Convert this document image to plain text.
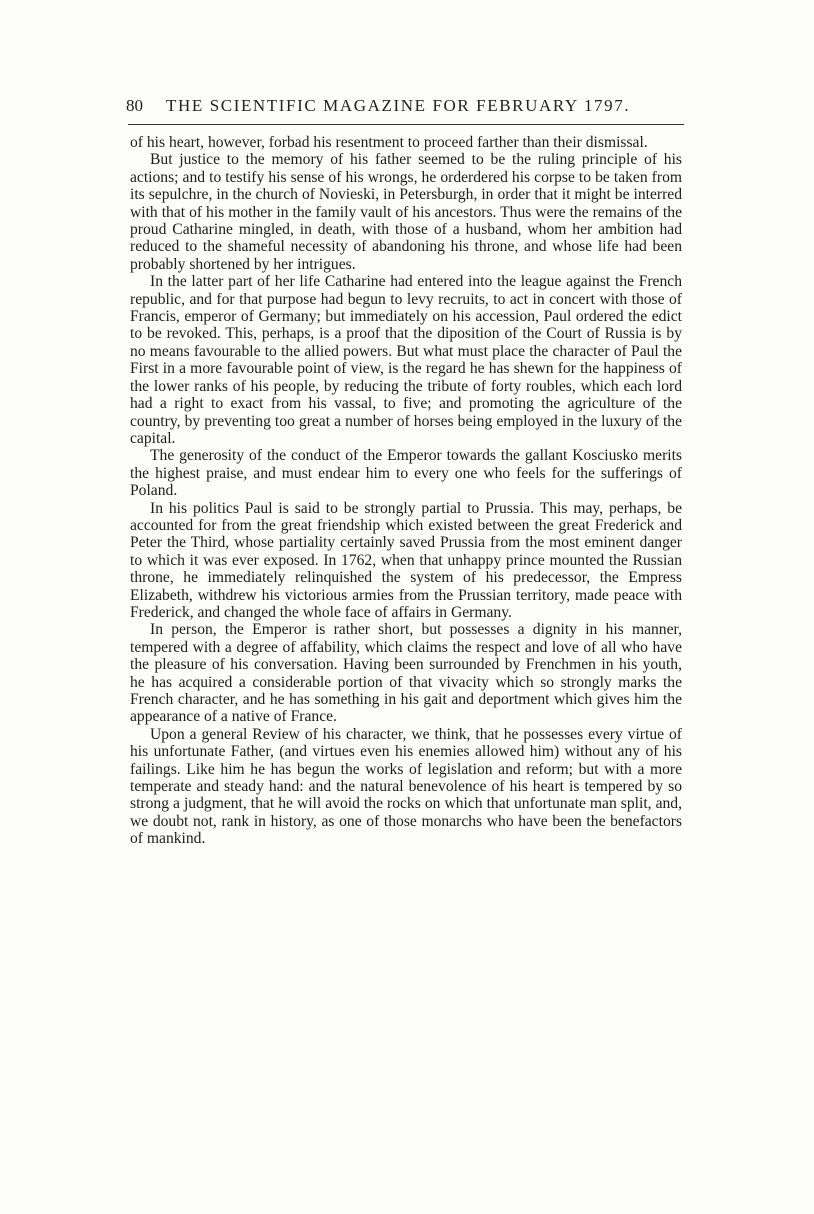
80	THE SCIENTIFIC MAGAZINE FOR FEBRUARY 1797.

of his heart, however, forbad his resentment to proceed farther than their dismissal.

But justice to the memory of his father seemed to be the ruling principle of his actions; and to testify his sense of his wrongs, he orderdered his corpse to be taken from its sepulchre, in the church of Novieski, in Petersburgh, in order that it might be interred with that of his mother in the family vault of his ancestors. Thus were the remains of the proud Catharine mingled, in death, with those of a husband, whom her ambition had reduced to the shameful necessity of abandoning his throne, and whose life had been probably shortened by her intrigues.

In the latter part of her life Catharine had entered into the league against the French republic, and for that purpose had begun to levy recruits, to act in concert with those of Francis, emperor of Germany; but immediately on his accession, Paul ordered the edict to be revoked. This, perhaps, is a proof that the diposition of the Court of Russia is by no means favourable to the allied powers. But what must place the character of Paul the First in a more favourable point of view, is the regard he has shewn for the happiness of the lower ranks of his people, by reducing the tribute of forty roubles, which each lord had a right to exact from his vassal, to five; and promoting the agriculture of the country, by preventing too great a number of horses being employed in the luxury of the capital.

The generosity of the conduct of the Emperor towards the gallant Kosciusko merits the highest praise, and must endear him to every one who feels for the sufferings of Poland.

In his politics Paul is said to be strongly partial to Prussia. This may, perhaps, be accounted for from the great friendship which existed between the great Frederick and Peter the Third, whose partiality certainly saved Prussia from the most eminent danger to which it was ever exposed. In 1762, when that unhappy prince mounted the Russian throne, he immediately relinquished the system of his predecessor, the Empress Elizabeth, withdrew his victorious armies from the Prussian territory, made peace with Frederick, and changed the whole face of affairs in Germany.

In person, the Emperor is rather short, but possesses a dignity in his manner, tempered with a degree of affability, which claims the respect and love of all who have the pleasure of his conversation. Having been surrounded by Frenchmen in his youth, he has acquired a considerable portion of that vivacity which so strongly marks the French character, and he has something in his gait and deportment which gives him the appearance of a native of France.

Upon a general Review of his character, we think, that he possesses every virtue of his unfortunate Father, (and virtues even his enemies allowed him) without any of his failings. Like him he has begun the works of legislation and reform; but with a more temperate and steady hand: and the natural benevolence of his heart is tempered by so strong a judgment, that he will avoid the rocks on which that unfortunate man split, and, we doubt not, rank in history, as one of those monarchs who have been the benefactors of mankind.
